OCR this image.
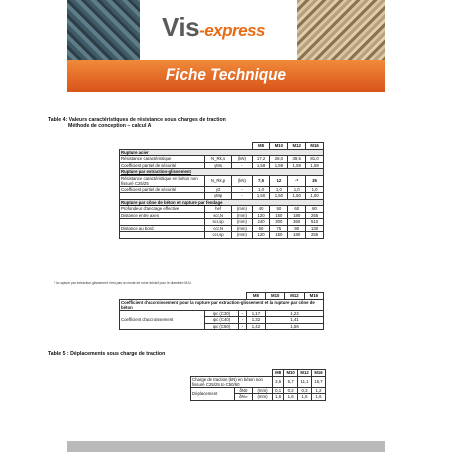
Vis-express
Fiche Technique
Table 4: Valeurs caractéristiques de résistance sous charges de traction
Méthode de conception – calcul A
			M8	M10	M12	M16
Rupture acier						
Résistance caractéristique	N_Rk,s	(kN)	17,2	28,0	39,5	81,0
Coefficient partiel de sécurité	γMs	-	1,59	1,59	1,59	1,59
Rupture par extraction-glissement						
Résistance caractéristique en béton non fissuré C25/25	N_Rk,p	(kN)	7,5	12	-*	35
Coefficient partiel de sécurité	γ2	-	1,0	1,0	1,0	1,0
	γMp	-	1,50	1,50	1,50	1,50
Rupture par cône de béton et rupture par fendage						
Profondeur d'ancrage effective	hef	(mm)	40	50	60	80
Distance entre axes	scr,N	(mm)	120	150	180	255
	scr,sp	(mm)	240	300	360	510
Distance au bord	ccr,N	(mm)	60	75	90	130
	ccr,sp	(mm)	120	150	180	255
* la rupture par extraction-glissement n'est pas un mode de ruine décisif pour le diamètre M12.
			M8	M10	M12	M16
Coefficient d'accroissement pour la rupture par extraction-glissement et la rupture par cône de béton						
Coefficient d'accroissement	ψc (C30)	-	1,17	1,22		
	ψc (C40)	-	1,32	1,41		
	ψc (C50)	-	1,42	1,56		
Table 5 : Déplacements sous charge de traction
			M8	M10	M12	M16
Charge de traction (kN) en béton non fissuré C25/25 to C50/50			3,6	5,7	11,1	16,7
Déplacement	δN0	(mm)	0,1	0,2	0,3	1,2
	δN∞	(mm)	1,6	1,6	1,6	1,6
